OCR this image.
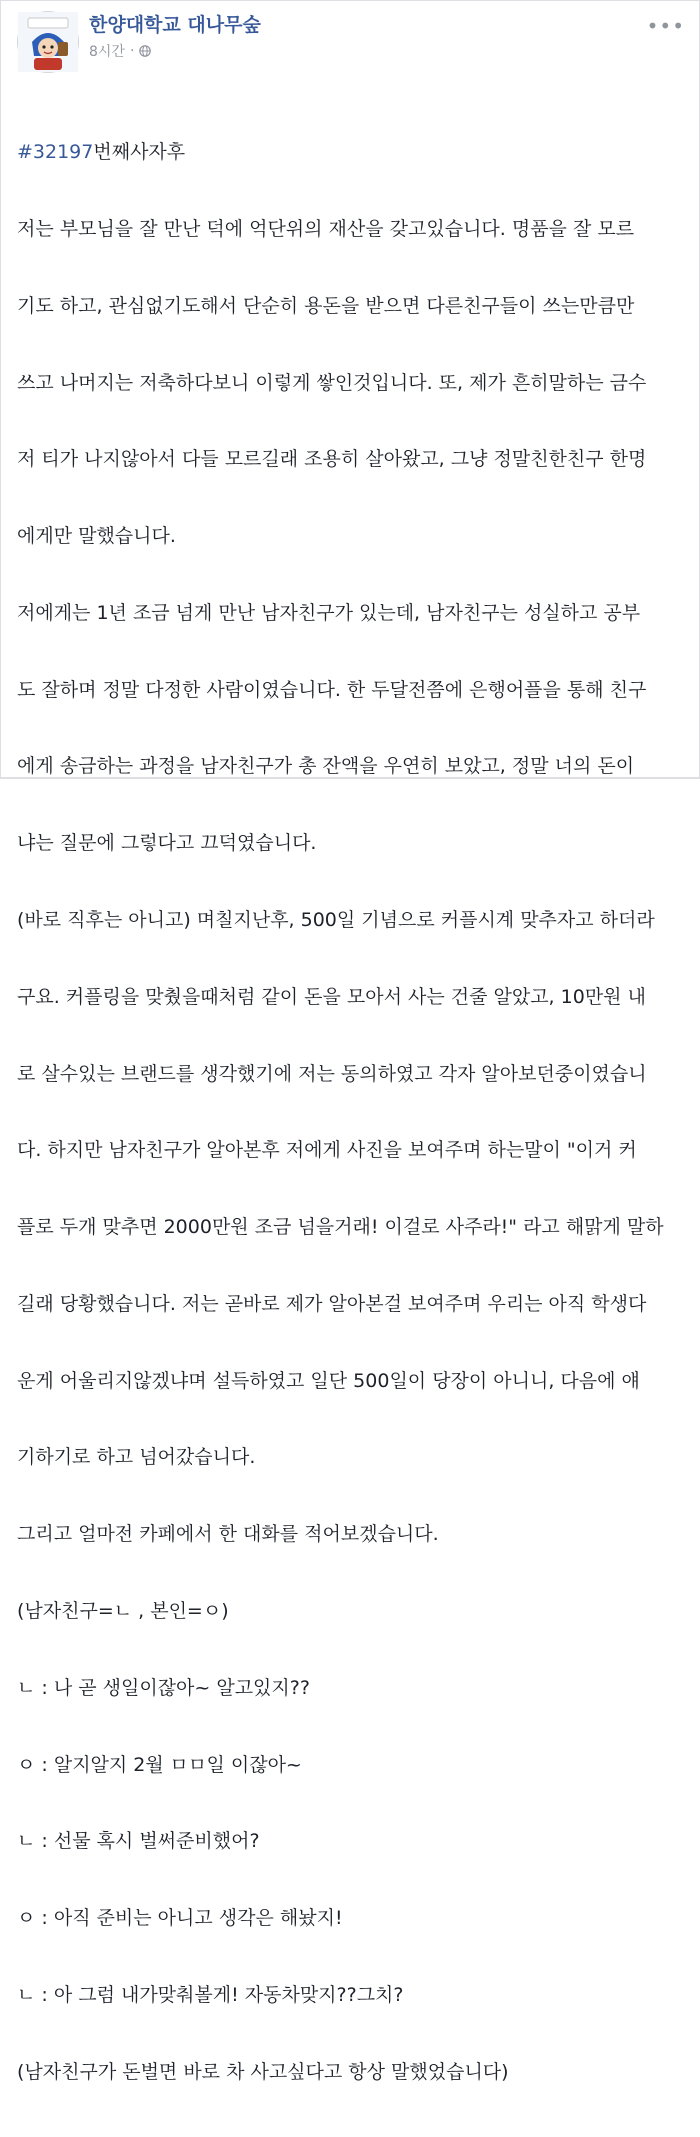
한양대학교 대나무숲
8시간 ·
•••

#32197번째사자후

저는 부모님을 잘 만난 덕에 억단위의 재산을 갖고있습니다. 명품을 잘 모르

기도 하고, 관심없기도해서 단순히 용돈을 받으면 다른친구들이 쓰는만큼만

쓰고 나머지는 저축하다보니 이렇게 쌓인것입니다. 또, 제가 흔히말하는 금수

저 티가 나지않아서 다들 모르길래 조용히 살아왔고, 그냥 정말친한친구 한명

에게만 말했습니다.

저에게는 1년 조금 넘게 만난 남자친구가 있는데, 남자친구는 성실하고 공부

도 잘하며 정말 다정한 사람이였습니다. 한 두달전쯤에 은행어플을 통해 친구

에게 송금하는 과정을 남자친구가 총 잔액을 우연히 보았고, 정말 너의 돈이

냐는 질문에 그렇다고 끄덕였습니다.

(바로 직후는 아니고) 며칠지난후, 500일 기념으로 커플시계 맞추자고 하더라

구요. 커플링을 맞췄을때처럼 같이 돈을 모아서 사는 건줄 알았고, 10만원 내

로 살수있는 브랜드를 생각했기에 저는 동의하였고 각자 알아보던중이였습니

다. 하지만 남자친구가 알아본후 저에게 사진을 보여주며 하는말이 "이거 커

플로 두개 맞추면 2000만원 조금 넘을거래! 이걸로 사주라!" 라고 해맑게 말하

길래 당황했습니다. 저는 곧바로 제가 알아본걸 보여주며 우리는 아직 학생다

운게 어울리지않겠냐며 설득하였고 일단 500일이 당장이 아니니, 다음에 얘

기하기로 하고 넘어갔습니다.

그리고 얼마전 카페에서 한 대화를 적어보겠습니다.

(남자친구=ㄴ , 본인=ㅇ)

ㄴ : 나 곧 생일이잖아~ 알고있지??

ㅇ : 알지알지 2월 ㅁㅁ일 이잖아~

ㄴ : 선물 혹시 벌써준비했어?

ㅇ : 아직 준비는 아니고 생각은 해놨지!

ㄴ : 아 그럼 내가맞춰볼게! 자동차맞지??그치?

(남자친구가 돈벌면 바로 차 사고싶다고 항상 말했었습니다)
